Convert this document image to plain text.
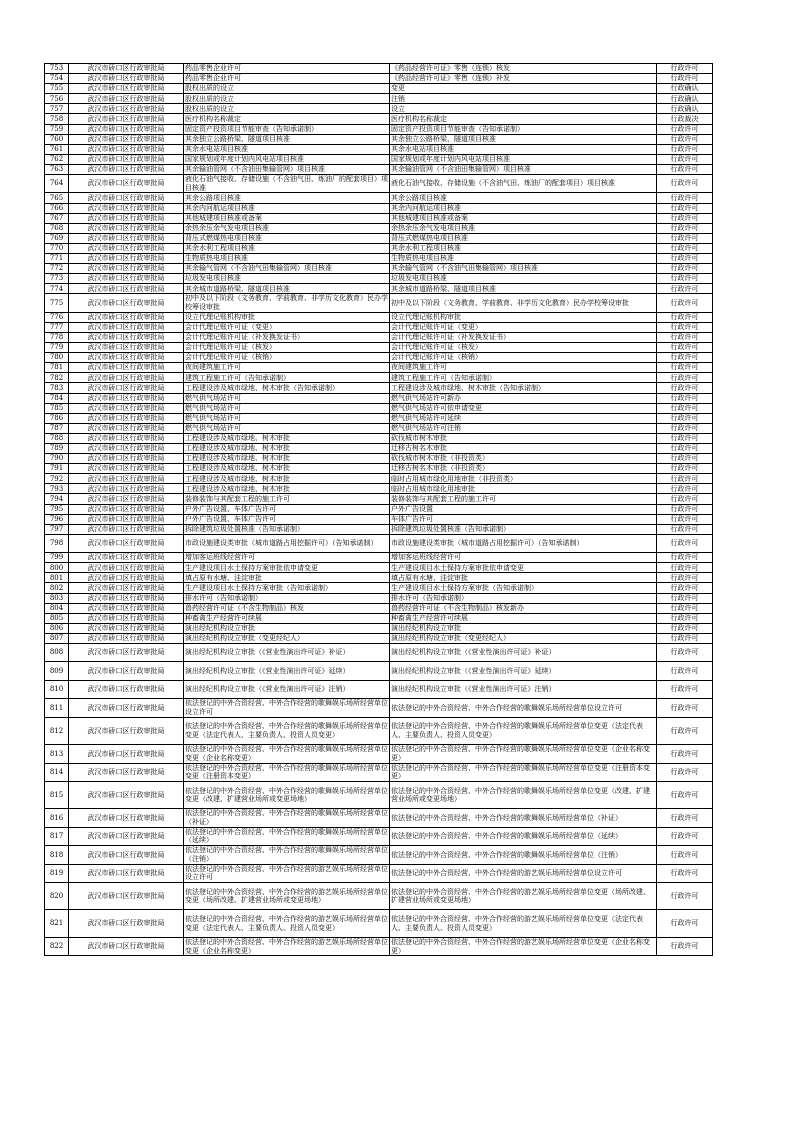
753	武汉市硚口区行政审批局	药品零售企业许可	《药品经营许可证》零售（连锁）核发	行政许可
754	武汉市硚口区行政审批局	药品零售企业许可	《药品经营许可证》零售（连锁）补发	行政许可
755	武汉市硚口区行政审批局	股权出质的设立	变更	行政确认
756	武汉市硚口区行政审批局	股权出质的设立	注销	行政确认
757	武汉市硚口区行政审批局	股权出质的设立	设立	行政确认
758	武汉市硚口区行政审批局	医疗机构名称裁定	医疗机构名称裁定	行政裁决
759	武汉市硚口区行政审批局	固定资产投资项目节能审查（告知承诺制）	固定资产投资项目节能审查（告知承诺制）	行政许可
760	武汉市硚口区行政审批局	其余独立公路桥梁、隧道项目核准	其余独立公路桥梁、隧道项目核准	行政许可
761	武汉市硚口区行政审批局	其余水电站项目核准	其余水电站项目核准	行政许可
762	武汉市硚口区行政审批局	国家规划或年度计划内风电站项目核准	国家规划或年度计划内风电站项目核准	行政许可
763	武汉市硚口区行政审批局	其余输油管网（不含油田集输管网）项目核准	其余输油管网（不含油田集输管网）项目核准	行政许可
764	武汉市硚口区行政审批局	液化石油气接收、存储设施（不含油气田、炼油厂的配套项目）项目核准	液化石油气接收、存储设施（不含油气田、炼油厂的配套项目）项目核准	行政许可
765	武汉市硚口区行政审批局	其余公路项目核准	其余公路项目核准	行政许可
766	武汉市硚口区行政审批局	其余内河航运项目核准	其余内河航运项目核准	行政许可
767	武汉市硚口区行政审批局	其他城建项目核准或备案	其他城建项目核准或备案	行政许可
768	武汉市硚口区行政审批局	余热余压余气发电项目核准	余热余压余气发电项目核准	行政许可
769	武汉市硚口区行政审批局	背压式燃煤热电项目核准	背压式燃煤热电项目核准	行政许可
770	武汉市硚口区行政审批局	其余水利工程项目核准	其余水利工程项目核准	行政许可
771	武汉市硚口区行政审批局	生物质热电项目核准	生物质热电项目核准	行政许可
772	武汉市硚口区行政审批局	其余输气管网（不含油气田集输管网）项目核准	其余输气管网（不含油气田集输管网）项目核准	行政许可
773	武汉市硚口区行政审批局	垃圾发电项目核准	垃圾发电项目核准	行政许可
774	武汉市硚口区行政审批局	其余城市道路桥梁、隧道项目核准	其余城市道路桥梁、隧道项目核准	行政许可
775	武汉市硚口区行政审批局	初中及以下阶段（文务教育、学前教育、非学历文化教育）民办学校筹设审批	初中及以下阶段（文务教育、学前教育、非学历文化教育）民办学校筹设审批	行政许可
776	武汉市硚口区行政审批局	设立代理记账机构审批	设立代理记账机构审批	行政许可
777	武汉市硚口区行政审批局	会计代理记账许可证（变更）	会计代理记账许可证（变更）	行政许可
778	武汉市硚口区行政审批局	会计代理记账许可证（补发换发证书）	会计代理记账许可证（补发换发证书）	行政许可
779	武汉市硚口区行政审批局	会计代理记账许可证（核发）	会计代理记账许可证（核发）	行政许可
780	武汉市硚口区行政审批局	会计代理记账许可证（核销）	会计代理记账许可证（核销）	行政许可
781	武汉市硚口区行政审批局	夜间建筑施工许可	夜间建筑施工许可	行政许可
782	武汉市硚口区行政审批局	建筑工程施工许可（告知承诺制）	建筑工程施工许可（告知承诺制）	行政许可
783	武汉市硚口区行政审批局	工程建设涉及城市绿地、树木审批（告知承诺制）	工程建设涉及城市绿地、树木审批（告知承诺制）	行政许可
784	武汉市硚口区行政审批局	燃气供气场站许可	燃气供气场站许可新办	行政许可
785	武汉市硚口区行政审批局	燃气供气场站许可	燃气供气场站许可依申请变更	行政许可
786	武汉市硚口区行政审批局	燃气供气场站许可	燃气供气场站许可延续	行政许可
787	武汉市硚口区行政审批局	燃气供气场站许可	燃气供气场站许可注销	行政许可
788	武汉市硚口区行政审批局	工程建设涉及城市绿地、树木审批	砍伐城市树木审批	行政许可
789	武汉市硚口区行政审批局	工程建设涉及城市绿地、树木审批	迁移古树名木审批	行政许可
790	武汉市硚口区行政审批局	工程建设涉及城市绿地、树木审批	砍伐城市树木审批（非投资类）	行政许可
791	武汉市硚口区行政审批局	工程建设涉及城市绿地、树木审批	迁移古树名木审批（非投资类）	行政许可
792	武汉市硚口区行政审批局	工程建设涉及城市绿地、树木审批	临时占用城市绿化用地审批（非投资类）	行政许可
793	武汉市硚口区行政审批局	工程建设涉及城市绿地、树木审批	临时占用城市绿化用地审批	行政许可
794	武汉市硚口区行政审批局	装修装饰与其配套工程的施工许可	装修装饰与其配套工程的施工许可	行政许可
795	武汉市硚口区行政审批局	户外广告设置、车体广告许可	户外广告设置	行政许可
796	武汉市硚口区行政审批局	户外广告设置、车体广告许可	车体广告许可	行政许可
797	武汉市硚口区行政审批局	拆除建筑垃圾处置核准（告知承诺制）	拆除建筑垃圾处置核准（告知承诺制）	行政许可
798	武汉市硚口区行政审批局	市政设施建设类审批（城市道路占用挖掘许可）（告知承诺制）	市政设施建设类审批（城市道路占用挖掘许可）（告知承诺制）	行政许可
799	武汉市硚口区行政审批局	增加客运班线经营许可	增加客运班线经营许可	行政许可
800	武汉市硚口区行政审批局	生产建设项目水土保持方案审批依申请变更	生产建设项目水土保持方案审批依申请变更	行政许可
801	武汉市硚口区行政审批局	填占原有水塘、洼淀审批	填占原有水塘、洼淀审批	行政许可
802	武汉市硚口区行政审批局	生产建设项目水土保持方案审批（告知承诺制）	生产建设项目水土保持方案审批（告知承诺制）	行政许可
803	武汉市硚口区行政审批局	排水许可（告知承诺制）	排水许可（告知承诺制）	行政许可
804	武汉市硚口区行政审批局	兽药经营许可证（不含生物制品）核发	兽药经营许可证（不含生物制品）核发新办	行政许可
805	武汉市硚口区行政审批局	种畜禽生产经营许可续展	种畜禽生产经营许可续展	行政许可
806	武汉市硚口区行政审批局	演出经纪机构设立审批	演出经纪机构设立审批	行政许可
807	武汉市硚口区行政审批局	演出经纪机构设立审批（变更经纪人）	演出经纪机构设立审批（变更经纪人）	行政许可
808	武汉市硚口区行政审批局	演出经纪机构设立审批（《营业性演出许可证》补证）	演出经纪机构设立审批（《营业性演出许可证》补证）	行政许可
809	武汉市硚口区行政审批局	演出经纪机构设立审批（《营业性演出许可证》延续）	演出经纪机构设立审批（《营业性演出许可证》延续）	行政许可
810	武汉市硚口区行政审批局	演出经纪机构设立审批（《营业性演出许可证》注销）	演出经纪机构设立审批（《营业性演出许可证》注销）	行政许可
811	武汉市硚口区行政审批局	依法登记的中外合资经营、中外合作经营的歌舞娱乐场所经营单位设立许可	依法登记的中外合资经营、中外合作经营的歌舞娱乐场所经营单位设立许可	行政许可
812	武汉市硚口区行政审批局	依法登记的中外合资经营、中外合作经营的歌舞娱乐场所经营单位变更（法定代表人、主要负责人、投资人员变更）	依法登记的中外合资经营、中外合作经营的歌舞娱乐场所经营单位变更（法定代表人、主要负责人、投资人员变更）	行政许可
813	武汉市硚口区行政审批局	依法登记的中外合资经营、中外合作经营的歌舞娱乐场所经营单位变更（企业名称变更）	依法登记的中外合资经营、中外合作经营的歌舞娱乐场所经营单位变更（企业名称变更）	行政许可
814	武汉市硚口区行政审批局	依法登记的中外合资经营、中外合作经营的歌舞娱乐场所经营单位变更（注册资本变更）	依法登记的中外合资经营、中外合作经营的歌舞娱乐场所经营单位变更（注册资本变更）	行政许可
815	武汉市硚口区行政审批局	依法登记的中外合资经营、中外合作经营的歌舞娱乐场所经营单位变更（改建、扩建营业场所或变更场地）	依法登记的中外合资经营、中外合作经营的歌舞娱乐场所经营单位变更（改建、扩建营业场所或变更场地）	行政许可
816	武汉市硚口区行政审批局	依法登记的中外合资经营、中外合作经营的歌舞娱乐场所经营单位（补证）	依法登记的中外合资经营、中外合作经营的歌舞娱乐场所经营单位（补证）	行政许可
817	武汉市硚口区行政审批局	依法登记的中外合资经营、中外合作经营的歌舞娱乐场所经营单位（延续）	依法登记的中外合资经营、中外合作经营的歌舞娱乐场所经营单位（延续）	行政许可
818	武汉市硚口区行政审批局	依法登记的中外合资经营、中外合作经营的歌舞娱乐场所经营单位（注销）	依法登记的中外合资经营、中外合作经营的歌舞娱乐场所经营单位（注销）	行政许可
819	武汉市硚口区行政审批局	依法登记的中外合资经营、中外合作经营的游艺娱乐场所经营单位设立许可	依法登记的中外合资经营、中外合作经营的游艺娱乐场所经营单位设立许可	行政许可
820	武汉市硚口区行政审批局	依法登记的中外合资经营、中外合作经营的游艺娱乐场所经营单位变更（场所改建、扩建营业场所或变更场地）	依法登记的中外合资经营、中外合作经营的游艺娱乐场所经营单位变更（场所改建、扩建营业场所或变更场地）	行政许可
821	武汉市硚口区行政审批局	依法登记的中外合资经营、中外合作经营的游艺娱乐场所经营单位变更（法定代表人、主要负责人、投资人员变更）	依法登记的中外合资经营、中外合作经营的游艺娱乐场所经营单位变更（法定代表人、主要负责人、投资人员变更）	行政许可
822	武汉市硚口区行政审批局	依法登记的中外合资经营、中外合作经营的游艺娱乐场所经营单位变更（企业名称变更）	依法登记的中外合资经营、中外合作经营的游艺娱乐场所经营单位变更（企业名称变更）	行政许可
